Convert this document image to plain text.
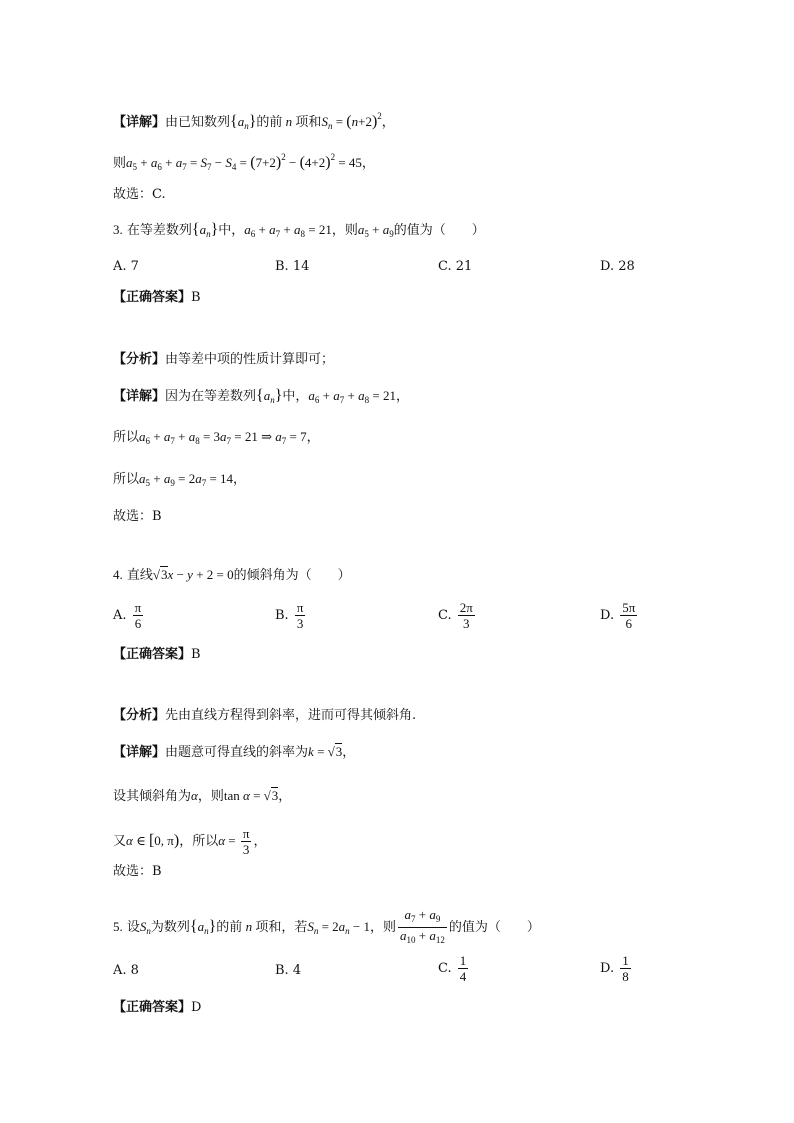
【详解】由已知数列$\{a_n\}$的前 n 项和$S_n = (n+2)^2$，
则$a_5 + a_6 + a_7 = S_7 - S_4 = (7+2)^2 - (4+2)^2 = 45$，
故选：C.
3. 在等差数列$\{a_n\}$中，$a_6 + a_7 + a_8 = 21$，则$a_5 + a_9$的值为（　　）
A. 7	B. 14	C. 21	D. 28
【正确答案】B
【分析】由等差中项的性质计算即可；
【详解】因为在等差数列$\{a_n\}$中，$a_6 + a_7 + a_8 = 21$，
所以$a_6 + a_7 + a_8 = 3a_7 = 21$ ⇒ $a_7 = 7$，
所以$a_5 + a_9 = 2a_7 = 14$，
故选：B
4. 直线√3x − y + 2 = 0的倾斜角为（　　）
A. $\frac{\pi}{6}$	B. $\frac{\pi}{3}$	C. $\frac{2\pi}{3}$	D. $\frac{5\pi}{6}$
【正确答案】B
【分析】先由直线方程得到斜率，进而可得其倾斜角.
【详解】由题意可得直线的斜率为k = √3，
设其倾斜角为α，则tan α = √3，
又α ∈ [0, π)，所以$\alpha = \frac{\pi}{3}$ ，
故选：B
5. 设$S_n$为数列$\{a_n\}$的前 n 项和，若$S_n = 2a_n - 1$，则 $\frac{a_7 + a_9}{a_{10} + a_{12}}$ 的值为（　　）
A. 8	B. 4	C. $\frac{1}{4}$	D. $\frac{1}{8}$
【正确答案】D
